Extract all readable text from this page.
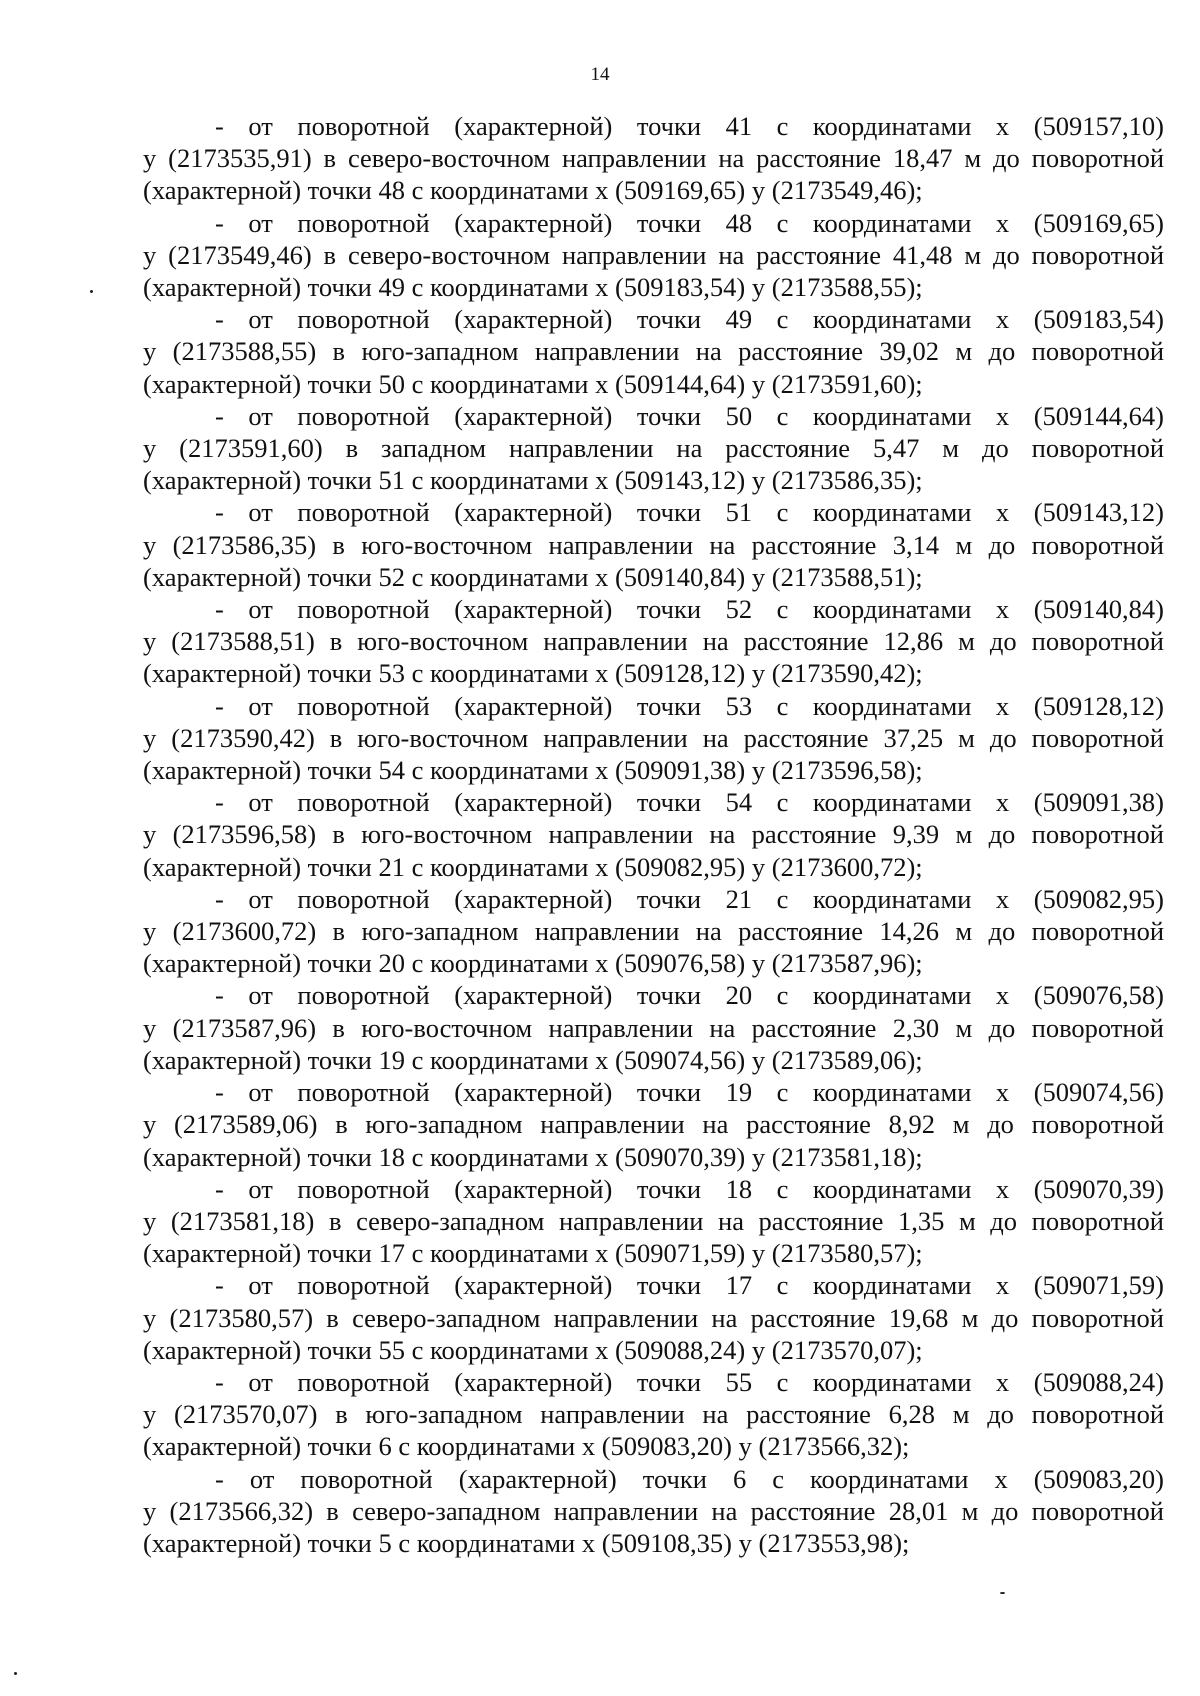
14
- от поворотной (характерной) точки 41 с координатами х (509157,10)
у (2173535,91) в северо-восточном направлении на расстояние 18,47 м до поворотной
(характерной) точки 48 с координатами х (509169,65) у (2173549,46);
- от поворотной (характерной) точки 48 с координатами х (509169,65)
у (2173549,46) в северо-восточном направлении на расстояние 41,48 м до поворотной
(характерной) точки 49 с координатами х (509183,54) у (2173588,55);
- от поворотной (характерной) точки 49 с координатами х (509183,54)
у (2173588,55) в юго-западном направлении на расстояние 39,02 м до поворотной
(характерной) точки 50 с координатами х (509144,64) у (2173591,60);
- от поворотной (характерной) точки 50 с координатами х (509144,64)
у (2173591,60) в западном направлении на расстояние 5,47 м до поворотной
(характерной) точки 51 с координатами х (509143,12) у (2173586,35);
- от поворотной (характерной) точки 51 с координатами х (509143,12)
у (2173586,35) в юго-восточном направлении на расстояние 3,14 м до поворотной
(характерной) точки 52 с координатами х (509140,84) у (2173588,51);
- от поворотной (характерной) точки 52 с координатами х (509140,84)
у (2173588,51) в юго-восточном направлении на расстояние 12,86 м до поворотной
(характерной) точки 53 с координатами х (509128,12) у (2173590,42);
- от поворотной (характерной) точки 53 с координатами х (509128,12)
у (2173590,42) в юго-восточном направлении на расстояние 37,25 м до поворотной
(характерной) точки 54 с координатами х (509091,38) у (2173596,58);
- от поворотной (характерной) точки 54 с координатами х (509091,38)
у (2173596,58) в юго-восточном направлении на расстояние 9,39 м до поворотной
(характерной) точки 21 с координатами х (509082,95) у (2173600,72);
- от поворотной (характерной) точки 21 с координатами х (509082,95)
у (2173600,72) в юго-западном направлении на расстояние 14,26 м до поворотной
(характерной) точки 20 с координатами х (509076,58) у (2173587,96);
- от поворотной (характерной) точки 20 с координатами х (509076,58)
у (2173587,96) в юго-восточном направлении на расстояние 2,30 м до поворотной
(характерной) точки 19 с координатами х (509074,56) у (2173589,06);
- от поворотной (характерной) точки 19 с координатами х (509074,56)
у (2173589,06) в юго-западном направлении на расстояние 8,92 м до поворотной
(характерной) точки 18 с координатами х (509070,39) у (2173581,18);
- от поворотной (характерной) точки 18 с координатами х (509070,39)
у (2173581,18) в северо-западном направлении на расстояние 1,35 м до поворотной
(характерной) точки 17 с координатами х (509071,59) у (2173580,57);
- от поворотной (характерной) точки 17 с координатами х (509071,59)
у (2173580,57) в северо-западном направлении на расстояние 19,68 м до поворотной
(характерной) точки 55 с координатами х (509088,24) у (2173570,07);
- от поворотной (характерной) точки 55 с координатами х (509088,24)
у (2173570,07) в юго-западном направлении на расстояние 6,28 м до поворотной
(характерной) точки 6 с координатами х (509083,20) у (2173566,32);
- от поворотной (характерной) точки 6 с координатами х (509083,20)
у (2173566,32) в северо-западном направлении на расстояние 28,01 м до поворотной
(характерной) точки 5 с координатами х (509108,35) у (2173553,98);
